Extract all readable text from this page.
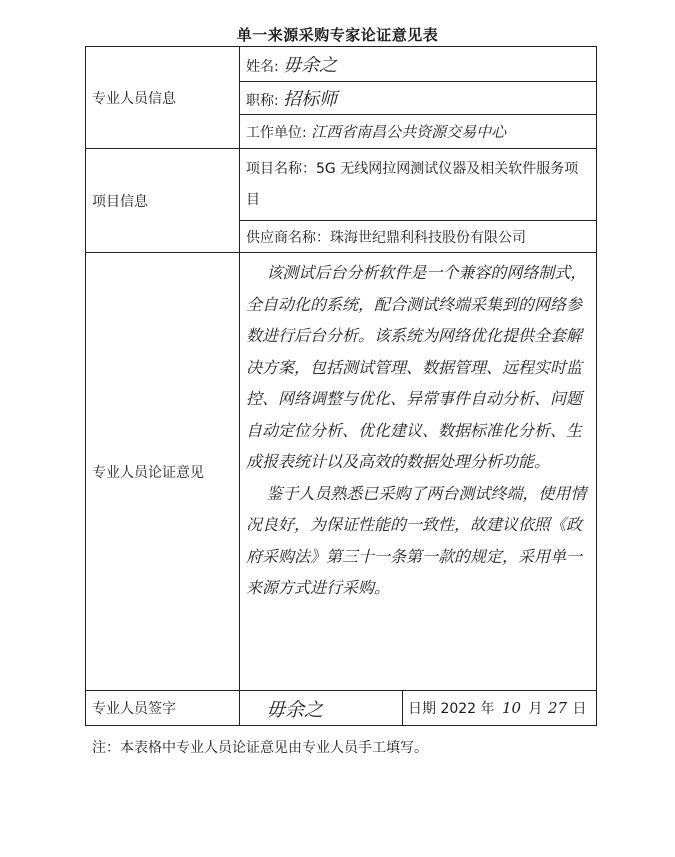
单一来源采购专家论证意见表
专业人员信息	姓名: 毋余之
	职称: 招标师
	工作单位: 江西省南昌公共资源交易中心
项目信息	项目名称：5G 无线网拉网测试仪器及相关软件服务项目
	供应商名称：珠海世纪鼎利科技股份有限公司
专业人员论证意见	该测试后台分析软件是一个兼容的网络制式，全自动化的系统，配合测试终端采集到的网络参数进行后台分析。该系统为网络优化提供全套解决方案，包括测试管理、数据管理、远程实时监控、网络调整与优化、异常事件自动分析、问题自动定位分析、优化建议、数据标准化分析、生成报表统计以及高效的数据处理分析功能。
鉴于人员熟悉已采购了两台测试终端，使用情况良好，为保证性能的一致性，故建议依照《政府采购法》第三十一条第一款的规定，采用单一来源方式进行采购。

专业人员签字	毋余之 日期 2022 年 10 月 27 日
注：本表格中专业人员论证意见由专业人员手工填写。
